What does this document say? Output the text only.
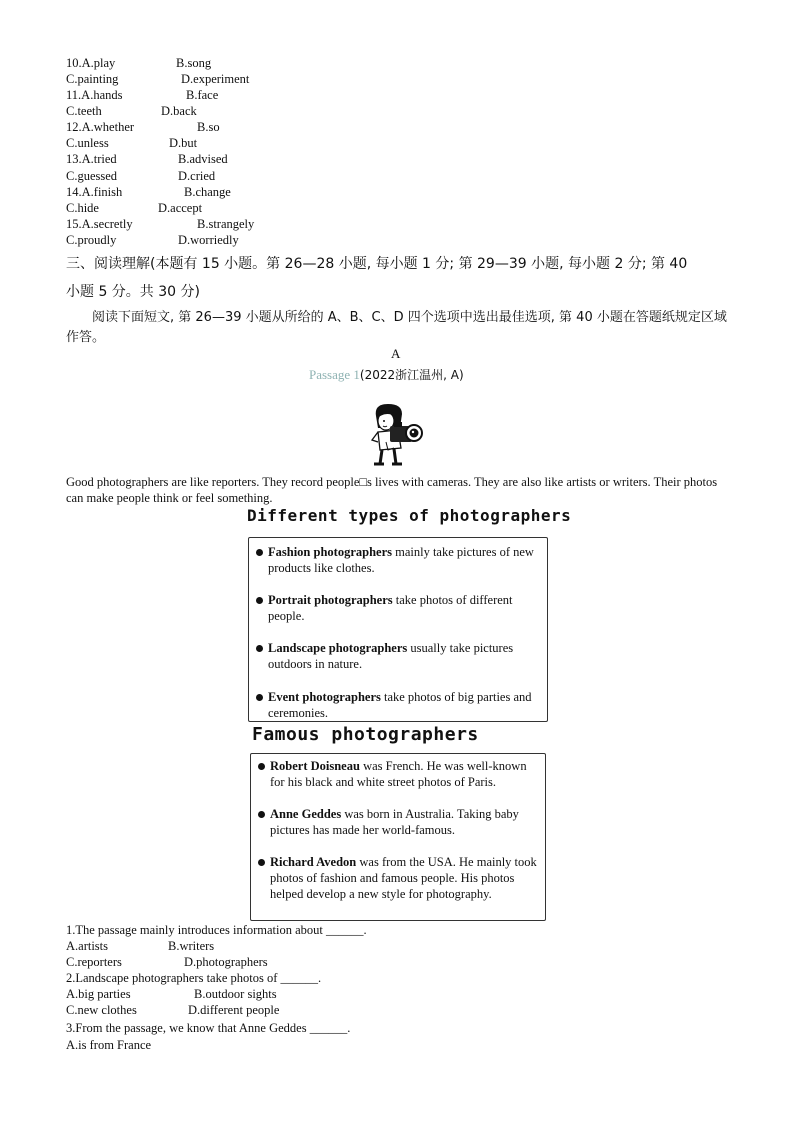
10.A.play	B.song
C.painting	D.experiment
11.A.hands	B.face
C.teeth	D.back
12.A.whether	B.so
C.unless	D.but
13.A.tried	B.advised
C.guessed	D.cried
14.A.finish	B.change
C.hide	D.accept
15.A.secretly	B.strangely
C.proudly	D.worriedly
三、阅读理解(本题有 15 小题。第 26—28 小题, 每小题 1 分; 第 29—39 小题, 每小题 2 分; 第 40
小题 5 分。共 30 分)
阅读下面短文, 第 26—39 小题从所给的 A、B、C、D 四个选项中选出最佳选项, 第 40 小题在答题纸规定区域作答。
A
Passage 1(2022浙江温州, A)
Good photographers are like reporters. They record people□s lives with cameras. They are also like artists or writers. Their photos can make people think or feel something.
Different types of photographers
Fashion photographers mainly take pictures of new products like clothes.
Portrait photographers take photos of different people.
Landscape photographers usually take pictures outdoors in nature.
Event photographers take photos of big parties and ceremonies.
Famous photographers
Robert Doisneau was French. He was well-known for his black and white street photos of Paris.
Anne Geddes was born in Australia. Taking baby pictures has made her world-famous.
Richard Avedon was from the USA. He mainly took photos of fashion and famous people. His photos helped develop a new style for photography.
1.The passage mainly introduces information about ______.
A.artists	B.writers
C.reporters	D.photographers
2.Landscape photographers take photos of ______.
A.big parties	B.outdoor sights
C.new clothes	D.different people
3.From the passage, we know that Anne Geddes ______.
A.is from France
